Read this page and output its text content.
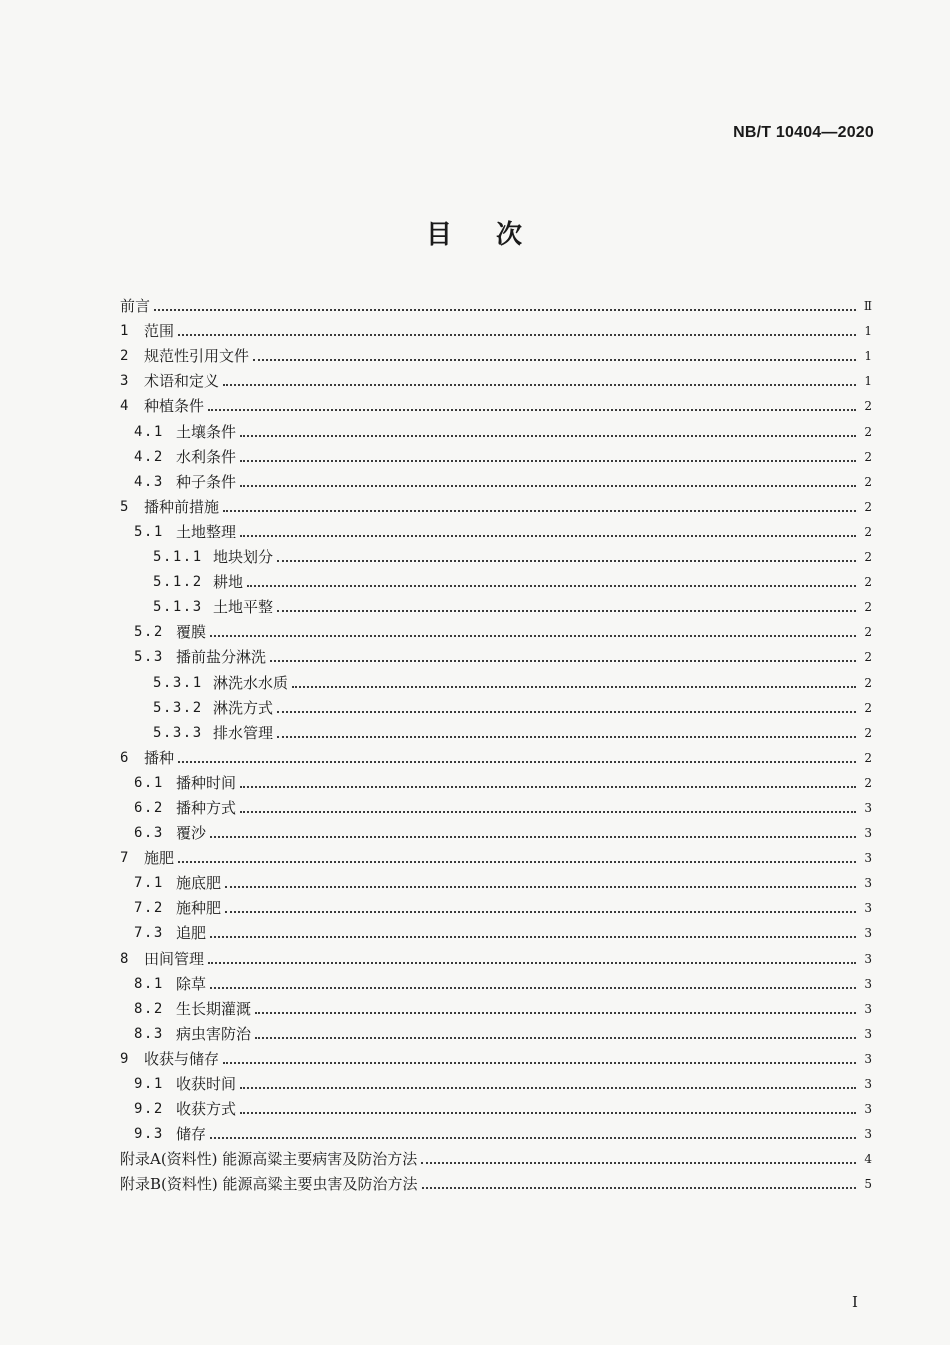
NB/T 10404—2020
目次
前言	Ⅱ
1 范围	1
2 规范性引用文件	1
3 术语和定义	1
4 种植条件	2
4.1 土壤条件	2
4.2 水利条件	2
4.3 种子条件	2
5 播种前措施	2
5.1 土地整理	2
5.1.1 地块划分	2
5.1.2 耕地	2
5.1.3 土地平整	2
5.2 覆膜	2
5.3 播前盐分淋洗	2
5.3.1 淋洗水水质	2
5.3.2 淋洗方式	2
5.3.3 排水管理	2
6 播种	2
6.1 播种时间	2
6.2 播种方式	3
6.3 覆沙	3
7 施肥	3
7.1 施底肥	3
7.2 施种肥	3
7.3 追肥	3
8 田间管理	3
8.1 除草	3
8.2 生长期灌溉	3
8.3 病虫害防治	3
9 收获与储存	3
9.1 收获时间	3
9.2 收获方式	3
9.3 储存	3
附录A(资料性) 能源高粱主要病害及防治方法	4
附录B(资料性) 能源高粱主要虫害及防治方法	5
I
